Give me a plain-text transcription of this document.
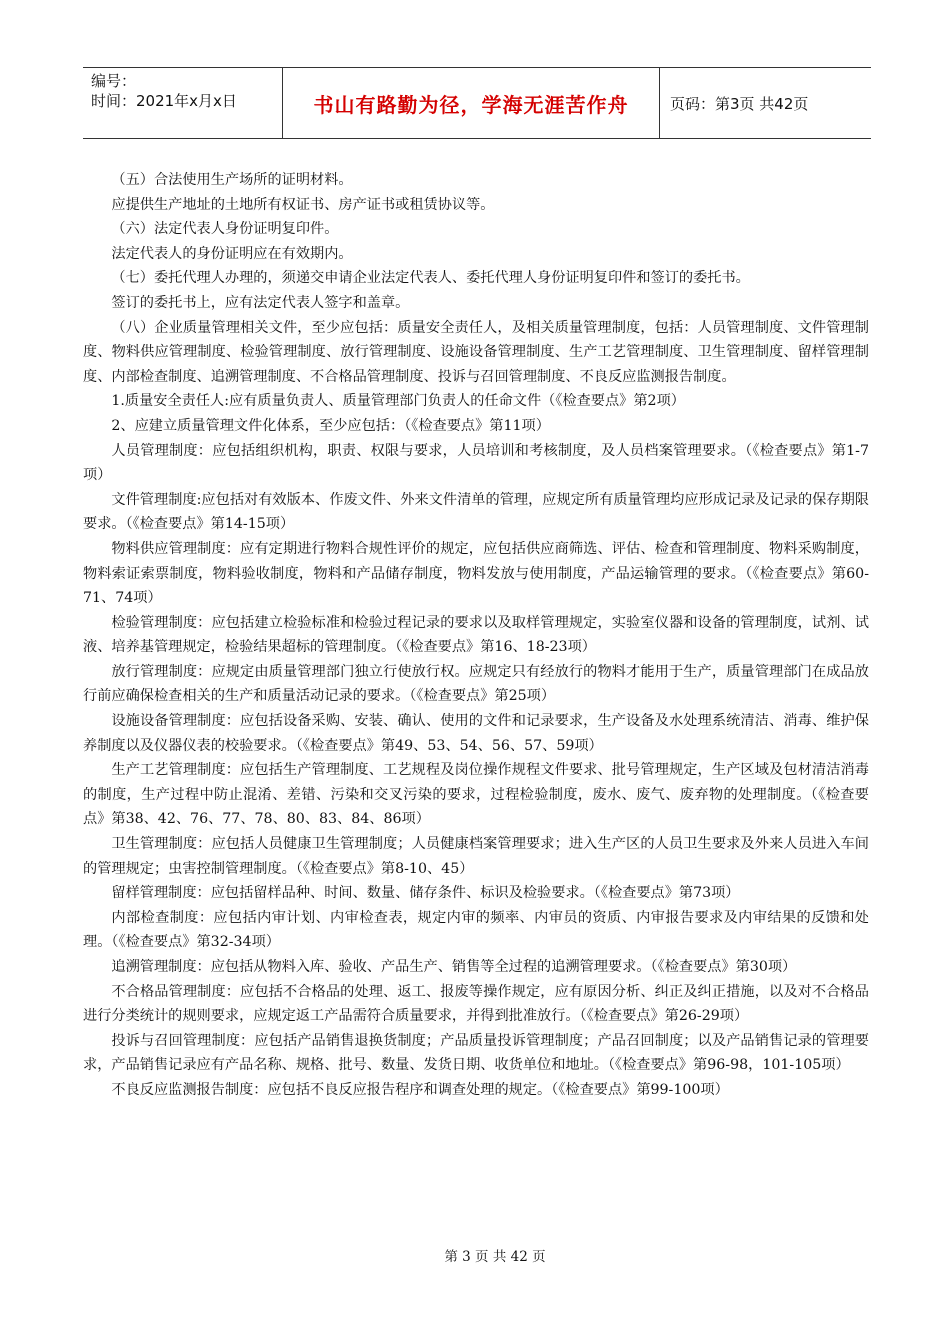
编号：
时间：2021年x月x日	书山有路勤为径，学海无涯苦作舟	页码：第3页 共42页

（五）合法使用生产场所的证明材料。

应提供生产地址的土地所有权证书、房产证书或租赁协议等。

（六）法定代表人身份证明复印件。

法定代表人的身份证明应在有效期内。

（七）委托代理人办理的，须递交申请企业法定代表人、委托代理人身份证明复印件和签订的委托书。

签订的委托书上，应有法定代表人签字和盖章。

（八）企业质量管理相关文件，至少应包括：质量安全责任人，及相关质量管理制度，包括：人员管理制度、文件管理制度、物料供应管理制度、检验管理制度、放行管理制度、设施设备管理制度、生产工艺管理制度、卫生管理制度、留样管理制度、内部检查制度、追溯管理制度、不合格品管理制度、投诉与召回管理制度、不良反应监测报告制度。

1.质量安全责任人:应有质量负责人、质量管理部门负责人的任命文件（《检查要点》第2项）

2、应建立质量管理文件化体系，至少应包括：（《检查要点》第11项）

人员管理制度：应包括组织机构，职责、权限与要求，人员培训和考核制度，及人员档案管理要求。（《检查要点》第1-7项）

文件管理制度:应包括对有效版本、作废文件、外来文件清单的管理，应规定所有质量管理均应形成记录及记录的保存期限要求。（《检查要点》第14-15项）

物料供应管理制度：应有定期进行物料合规性评价的规定，应包括供应商筛选、评估、检查和管理制度、物料采购制度，物料索证索票制度，物料验收制度，物料和产品储存制度，物料发放与使用制度，产品运输管理的要求。（《检查要点》第60-71、74项）

检验管理制度：应包括建立检验标准和检验过程记录的要求以及取样管理规定，实验室仪器和设备的管理制度，试剂、试液、培养基管理规定，检验结果超标的管理制度。（《检查要点》第16、18-23项）

放行管理制度：应规定由质量管理部门独立行使放行权。应规定只有经放行的物料才能用于生产，质量管理部门在成品放行前应确保检查相关的生产和质量活动记录的要求。（《检查要点》第25项）

设施设备管理制度：应包括设备采购、安装、确认、使用的文件和记录要求，生产设备及水处理系统清洁、消毒、维护保养制度以及仪器仪表的校验要求。（《检查要点》第49、53、54、56、57、59项）

生产工艺管理制度：应包括生产管理制度、工艺规程及岗位操作规程文件要求、批号管理规定，生产区域及包材清洁消毒的制度，生产过程中防止混淆、差错、污染和交叉污染的要求，过程检验制度，废水、废气、废弃物的处理制度。（《检查要点》第38、42、76、77、78、80、83、84、86项）

卫生管理制度：应包括人员健康卫生管理制度；人员健康档案管理要求；进入生产区的人员卫生要求及外来人员进入车间的管理规定；虫害控制管理制度。（《检查要点》第8-10、45）

留样管理制度：应包括留样品种、时间、数量、储存条件、标识及检验要求。（《检查要点》第73项）

内部检查制度：应包括内审计划、内审检查表，规定内审的频率、内审员的资质、内审报告要求及内审结果的反馈和处理。（《检查要点》第32-34项）

追溯管理制度：应包括从物料入库、验收、产品生产、销售等全过程的追溯管理要求。（《检查要点》第30项）

不合格品管理制度：应包括不合格品的处理、返工、报废等操作规定，应有原因分析、纠正及纠正措施，以及对不合格品进行分类统计的规则要求，应规定返工产品需符合质量要求，并得到批准放行。（《检查要点》第26-29项）

投诉与召回管理制度：应包括产品销售退换货制度；产品质量投诉管理制度；产品召回制度；以及产品销售记录的管理要求，产品销售记录应有产品名称、规格、批号、数量、发货日期、收货单位和地址。（《检查要点》第96-98，101-105项）

不良反应监测报告制度：应包括不良反应报告程序和调查处理的规定。（《检查要点》第99-100项）

第 3 页 共 42 页
